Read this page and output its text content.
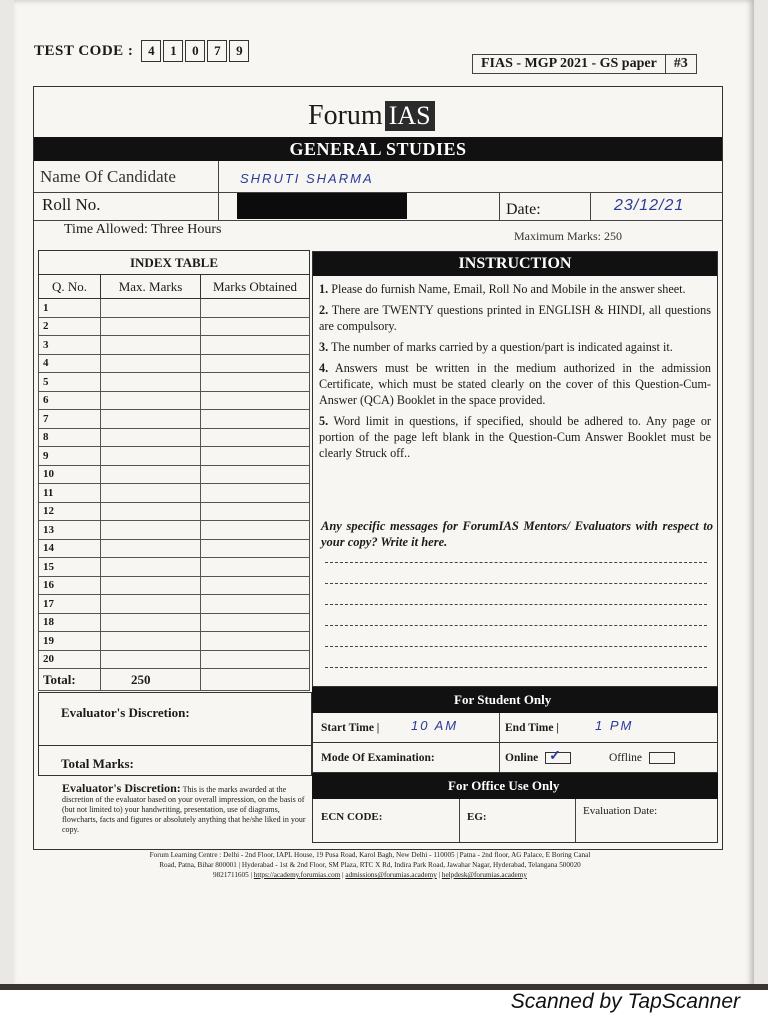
TEST CODE :	4	1	0	7	9
FIAS - MGP 2021 - GS paper	#3
Forum IAS
GENERAL STUDIES
Name Of Candidate	SHRUTI SHARMA
Roll No.	Date:	23/12/21
Time Allowed: Three Hours	Maximum Marks: 250
INDEX TABLE		
Q. No.	Max. Marks	Marks Obtained
1		
2		
3		
4		
5		
6		
7		
8		
9		
10		
11		
12		
13		
14		
15		
16		
17		
18		
19		
20		
Total:	250	
INSTRUCTION

1. Please do furnish Name, Email, Roll No and Mobile in the answer sheet.

2. There are TWENTY questions printed in ENGLISH & HINDI, all questions are compulsory.

3. The number of marks carried by a question/part is indicated against it.

4. Answers must be written in the medium authorized in the admission Certificate, which must be stated clearly on the cover of this Question-Cum-Answer (QCA) Booklet in the space provided.

5. Word limit in questions, if specified, should be adhered to. Any page or portion of the page left blank in the Question-Cum Answer Booklet must be clearly Struck off..

Any specific messages for ForumIAS Mentors/ Evaluators with respect to your copy? Write it here.
Evaluator's Discretion:
Total Marks:
Evaluator's Discretion: This is the marks awarded at the discretion of the evaluator based on your overall impression, on the basis of (but not limited to) your handwriting, presentation, use of diagrams, flowcharts, facts and figures or absolutely anything that he/she liked in your copy.
For Student Only
Start Time | 10 AM	End Time |	1 PM
Mode Of Examination:	Online ✓	Offline
For Office Use Only
ECN CODE:	EG:	Evaluation Date:
Forum Learning Centre : Delhi - 2nd Floor, IAPL House, 19 Pusa Road, Karol Bagh, New Delhi - 110005 | Patna - 2nd floor, AG Palace, E Boring Canal
Road, Patna, Bihar 800001 | Hyderabad - 1st & 2nd Floor, SM Plaza, RTC X Rd, Indira Park Road, Jawahar Nagar, Hyderabad, Telangana 500020
9821711605 | https://academy.forumias.com | admissions@forumias.academy | helpdesk@forumias.academy
Scanned by TapScanner
